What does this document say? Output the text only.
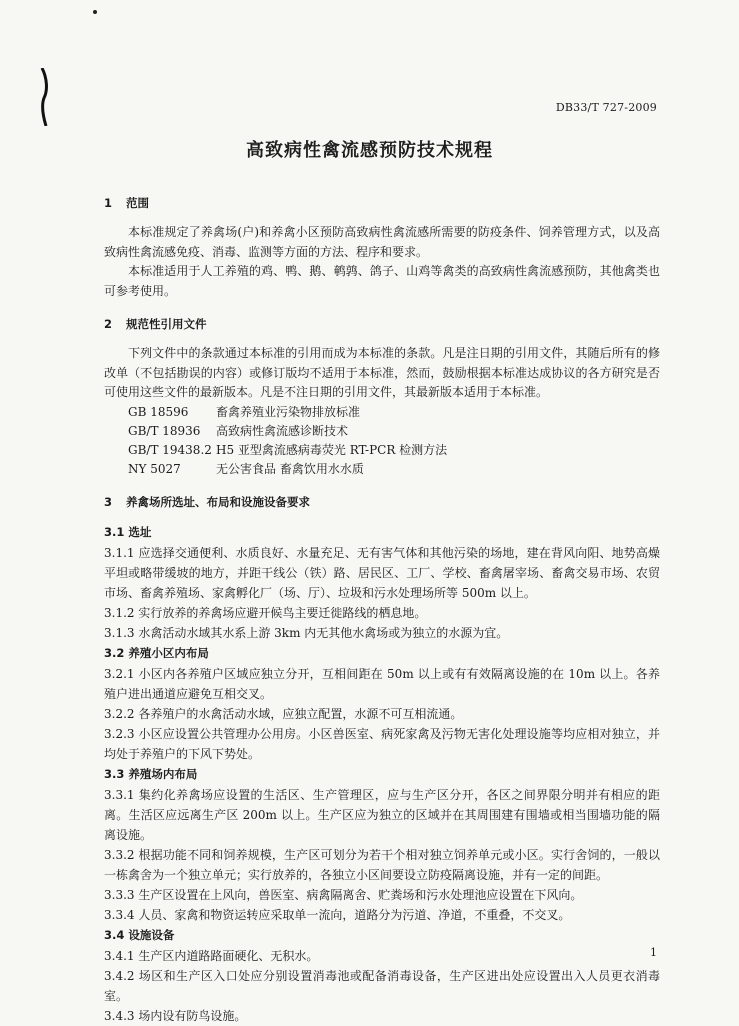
DB33/T 727-2009
高致病性禽流感预防技术规程
1 范围
本标准规定了养禽场(户)和养禽小区预防高致病性禽流感所需要的防疫条件、饲养管理方式，以及高致病性禽流感免疫、消毒、监测等方面的方法、程序和要求。
本标准适用于人工养殖的鸡、鸭、鹅、鹌鹑、鸽子、山鸡等禽类的高致病性禽流感预防，其他禽类也可参考使用。
2 规范性引用文件
下列文件中的条款通过本标准的引用而成为本标准的条款。凡是注日期的引用文件，其随后所有的修改单（不包括勘误的内容）或修订版均不适用于本标准，然而，鼓励根据本标准达成协议的各方研究是否可使用这些文件的最新版本。凡是不注日期的引用文件，其最新版本适用于本标准。
GB 18596	畜禽养殖业污染物排放标准
GB/T 18936	高致病性禽流感诊断技术
GB/T 19438.2 H5 亚型禽流感病毒荧光 RT-PCR 检测方法
NY 5027	无公害食品 畜禽饮用水水质
3 养禽场所选址、布局和设施设备要求
3.1 选址
3.1.1 应选择交通便利、水质良好、水量充足、无有害气体和其他污染的场地，建在背风向阳、地势高燥平坦或略带缓坡的地方，并距干线公（铁）路、居民区、工厂、学校、畜禽屠宰场、畜禽交易市场、农贸市场、畜禽养殖场、家禽孵化厂（场、厅）、垃圾和污水处理场所等 500m 以上。
3.1.2 实行放养的养禽场应避开候鸟主要迁徙路线的栖息地。
3.1.3 水禽活动水域其水系上游 3km 内无其他水禽场或为独立的水源为宜。
3.2 养殖小区内布局
3.2.1 小区内各养殖户区域应独立分开，互相间距在 50m 以上或有有效隔离设施的在 10m 以上。各养殖户进出通道应避免互相交叉。
3.2.2 各养殖户的水禽活动水域，应独立配置，水源不可互相流通。
3.2.3 小区应设置公共管理办公用房。小区兽医室、病死家禽及污物无害化处理设施等均应相对独立，并均处于养殖户的下风下势处。
3.3 养殖场内布局
3.3.1 集约化养禽场应设置的生活区、生产管理区，应与生产区分开，各区之间界限分明并有相应的距离。生活区应远离生产区 200m 以上。生产区应为独立的区域并在其周围建有围墙或相当围墙功能的隔离设施。
3.3.2 根据功能不同和饲养规模，生产区可划分为若干个相对独立饲养单元或小区。实行舍饲的，一般以一栋禽舍为一个独立单元；实行放养的，各独立小区间要设立防疫隔离设施，并有一定的间距。
3.3.3 生产区设置在上风向，兽医室、病禽隔离舍、贮粪场和污水处理池应设置在下风向。
3.3.4 人员、家禽和物资运转应采取单一流向，道路分为污道、净道，不重叠，不交叉。
3.4 设施设备
3.4.1 生产区内道路路面硬化、无积水。
3.4.2 场区和生产区入口处应分别设置消毒池或配备消毒设备，生产区进出处应设置出入人员更衣消毒室。
3.4.3 场内设有防鸟设施。
1
